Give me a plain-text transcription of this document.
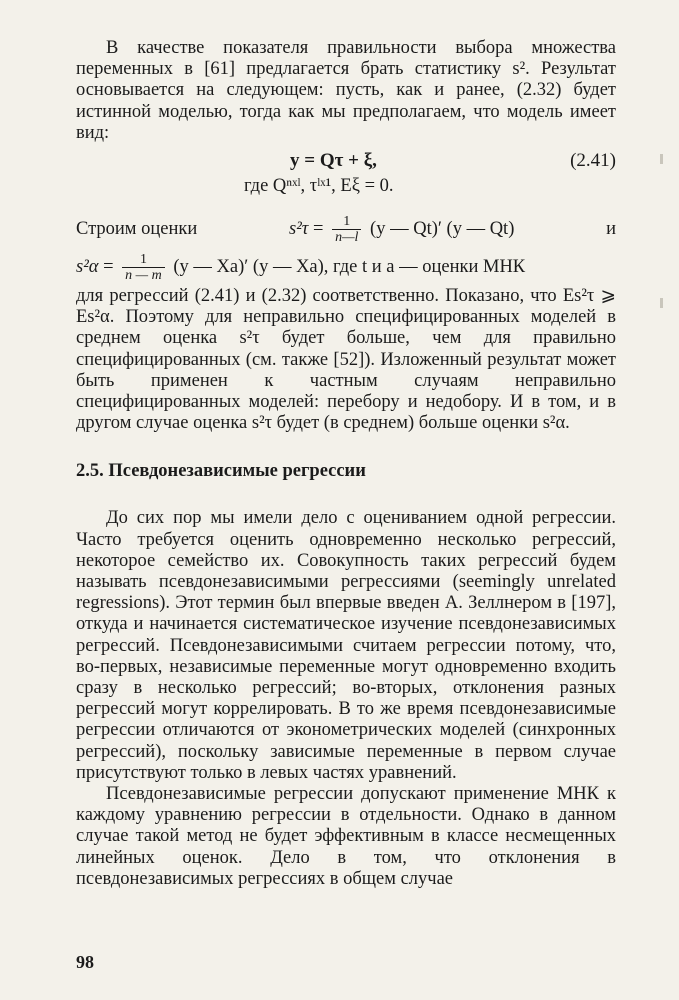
В качестве показателя правильности выбора множества переменных в [61] предлагается брать статистику s². Результат основывается на следующем: пусть, как и ранее, (2.32) будет истинной моделью, тогда как мы предполагаем, что модель имеет вид:

y = Qτ + ξ,	(2.41)
где Qⁿˣˡ, τˡˣ¹, Eξ = 0.
Строим оценки	$s^2\tau = \frac{1}{n—l} (y$ — Qt)′ (y — Qt)	и
$s^2\alpha = \frac{1}{n — m} (y$ — Xa)′ (y — Xa), где t и a — оценки МНК

для регрессий (2.41) и (2.32) соответственно. Показано, что Es²τ ⩾ Es²α. Поэтому для неправильно специфицированных моделей в среднем оценка s²τ будет больше, чем для правильно специфицированных (см. также [52]). Изложенный результат может быть применен к частным случаям неправильно специфицированных моделей: перебору и недобору. И в том, и в другом случае оценка s²τ будет (в среднем) больше оценки s²α.

2.5. Псевдонезависимые регрессии

До сих пор мы имели дело с оцениванием одной регрессии. Часто требуется оценить одновременно несколько регрессий, некоторое семейство их. Совокупность таких регрессий будем называть псевдонезависимыми регрессиями (seemingly unrelated regressions). Этот термин был впервые введен А. Зеллнером в [197], откуда и начинается систематическое изучение псевдонезависимых регрессий. Псевдонезависимыми считаем регрессии потому, что, во-первых, независимые переменные могут одновременно входить сразу в несколько регрессий; во-вторых, отклонения разных регрессий могут коррелировать. В то же время псевдонезависимые регрессии отличаются от эконометрических моделей (синхронных регрессий), поскольку зависимые переменные в первом случае присутствуют только в левых частях уравнений.

Псевдонезависимые регрессии допускают применение МНК к каждому уравнению регрессии в отдельности. Однако в данном случае такой метод не будет эффективным в классе несмещенных линейных оценок. Дело в том, что отклонения в псевдонезависимых регрессиях в общем случае

98
